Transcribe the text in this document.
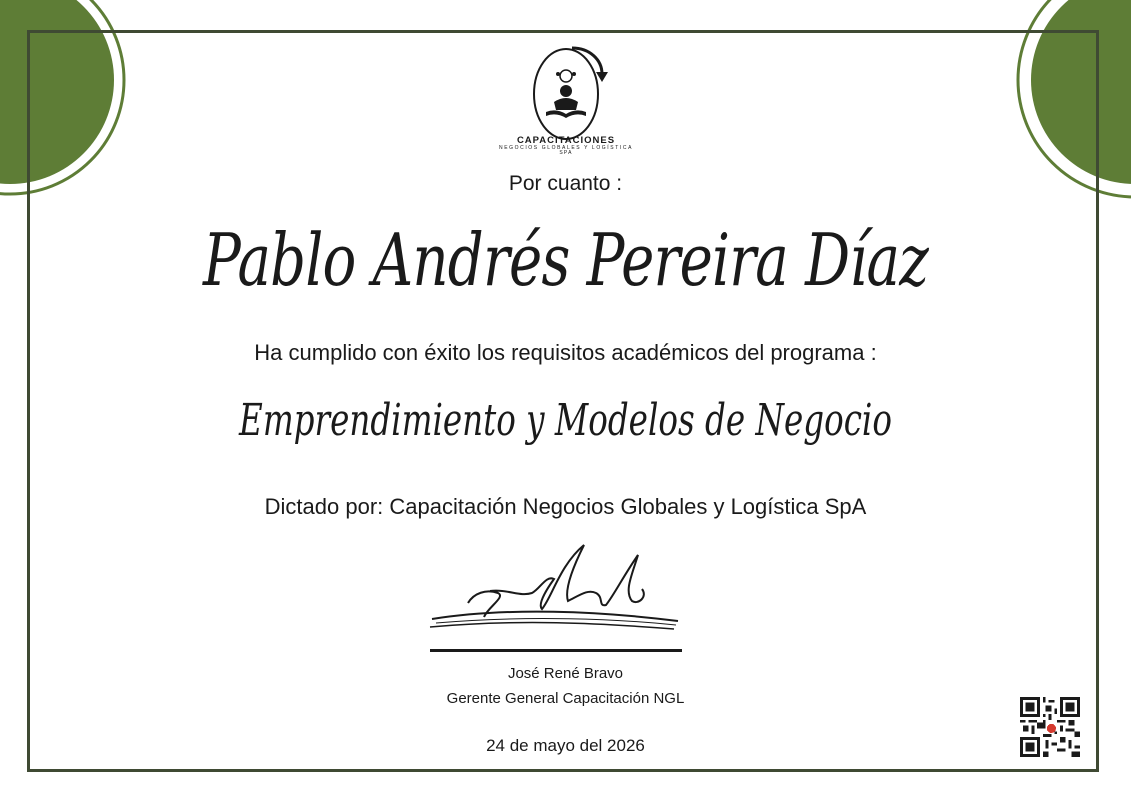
CAPACITACIONES
NEGOCIOS GLOBALES Y LOGÍSTICA
SPA
Por cuanto :
Pablo Andrés Pereira Díaz
Ha cumplido con éxito los requisitos académicos del programa :
Emprendimiento y Modelos de Negocio
Dictado por: Capacitación Negocios Globales y Logística SpA
José René Bravo
Gerente General Capacitación NGL
24 de mayo del 2026
